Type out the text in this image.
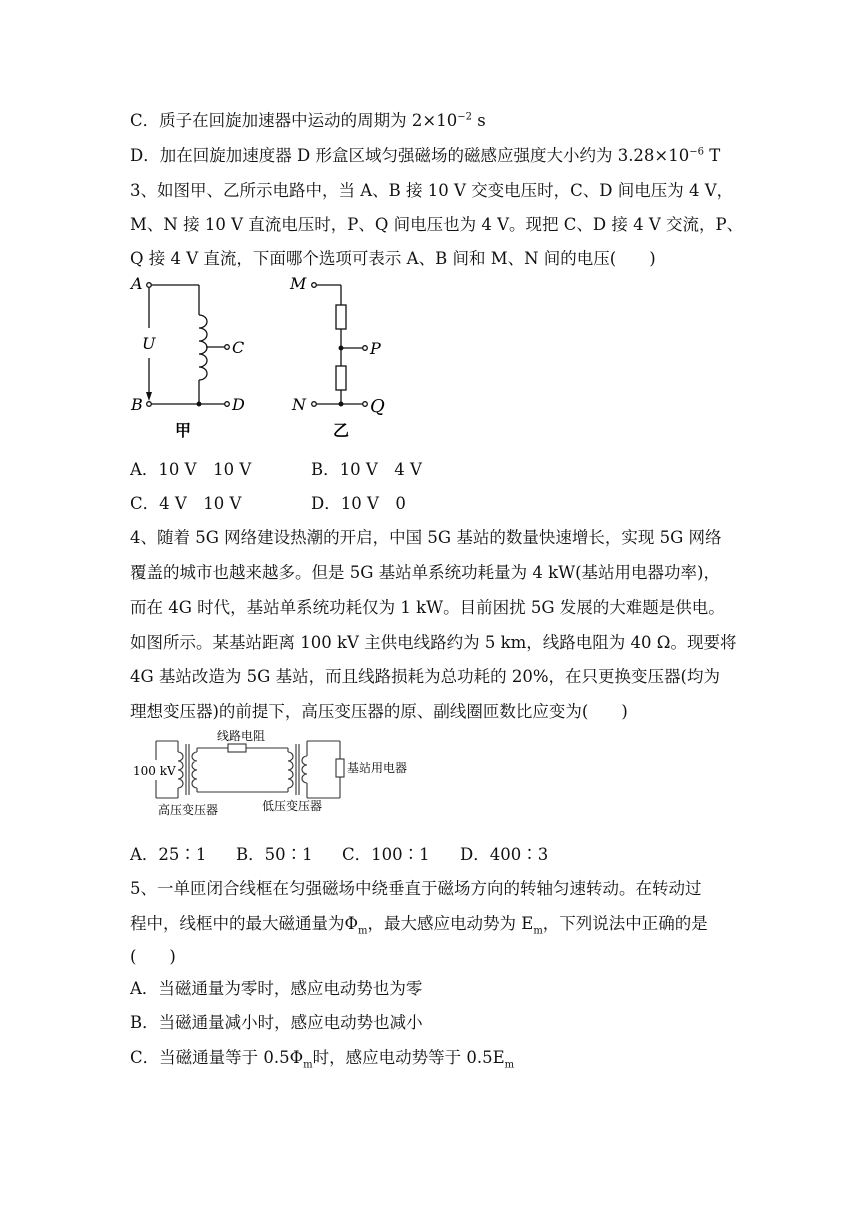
C．质子在回旋加速器中运动的周期为 $2\times 10^{-2}$ s
D．加在回旋加速度器 D 形盒区域匀强磁场的磁感应强度大小约为 $3.28\times 10^{-6}$ T
3、如图甲、乙所示电路中，当 A、B 接 10 V 交变电压时，C、D 间电压为 4 V，
M、N 接 10 V 直流电压时，P、Q 间电压也为 4 V。现把 C、D 接 4 V 交流，P、
Q 接 4 V 直流，下面哪个选项可表示 A、B 间和 M、N 间的电压(　　)
A
B
U	C
D
甲
M
N
P
Q
乙
A．10 V　10 V	B．10 V　4 V
C．4 V　10 V	D．10 V　0
4、随着 5G 网络建设热潮的开启，中国 5G 基站的数量快速增长，实现 5G 网络
覆盖的城市也越来越多。但是 5G 基站单系统功耗量为 4 kW(基站用电器功率)，
而在 4G 时代，基站单系统功耗仅为 1 kW。目前困扰 5G 发展的大难题是供电。
如图所示。某基站距离 100 kV 主供电线路约为 5 km，线路电阻为 40 Ω。现要将
4G 基站改造为 5G 基站，而且线路损耗为总功耗的 20%，在只更换变压器(均为
理想变压器)的前提下，高压变压器的原、副线圈匝数比应变为(　　)
100 kV
线路电阻
基站用电器
高压变压器	低压变压器
A．25∶1 B．50∶1 C．100∶1 D．400∶3
5、一单匝闭合线框在匀强磁场中绕垂直于磁场方向的转轴匀速转动。在转动过
程中，线框中的最大磁通量为$\Phi_m$，最大感应电动势为 $E_m$，下列说法中正确的是
(　　)
A．当磁通量为零时，感应电动势也为零
B．当磁通量减小时，感应电动势也减小
C．当磁通量等于 $0.5\Phi_m$时，感应电动势等于 $0.5E_m$
